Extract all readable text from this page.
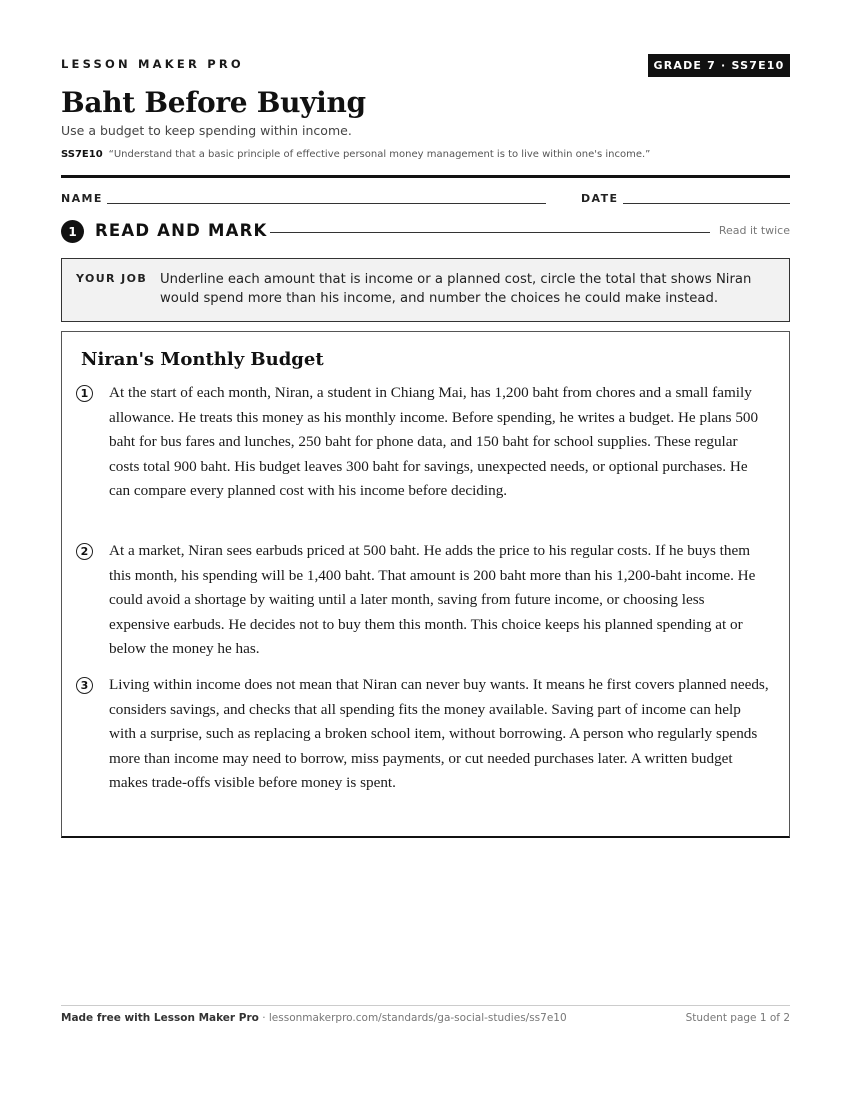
LESSON MAKER PRO	GRADE 7 · SS7E10
Baht Before Buying
Use a budget to keep spending within income.
SS7E10 “Understand that a basic principle of effective personal money management is to live within one's income.”
NAME	DATE
1	READ AND MARK	Read it twice
YOUR JOB Underline each amount that is income or a planned cost, circle the total that shows Niran would spend more than his income, and number the choices he could make instead.
Niran's Monthly Budget
1	At the start of each month, Niran, a student in Chiang Mai, has 1,200 baht from chores and a small family allowance. He treats this money as his monthly income. Before spending, he writes a budget. He plans 500 baht for bus fares and lunches, 250 baht for phone data, and 150 baht for school supplies. These regular costs total 900 baht. His budget leaves 300 baht for savings, unexpected needs, or optional purchases. He can compare every planned cost with his income before deciding.
2	At a market, Niran sees earbuds priced at 500 baht. He adds the price to his regular costs. If he buys them this month, his spending will be 1,400 baht. That amount is 200 baht more than his 1,200-baht income. He could avoid a shortage by waiting until a later month, saving from future income, or choosing less expensive earbuds. He decides not to buy them this month. This choice keeps his planned spending at or below the money he has.
3	Living within income does not mean that Niran can never buy wants. It means he first covers planned needs, considers savings, and checks that all spending fits the money available. Saving part of income can help with a surprise, such as replacing a broken school item, without borrowing. A person who regularly spends more than income may need to borrow, miss payments, or cut needed purchases later. A written budget makes trade-offs visible before money is spent.
Made free with Lesson Maker Pro · lessonmakerpro.com/standards/ga-social-studies/ss7e10	Student page 1 of 2
